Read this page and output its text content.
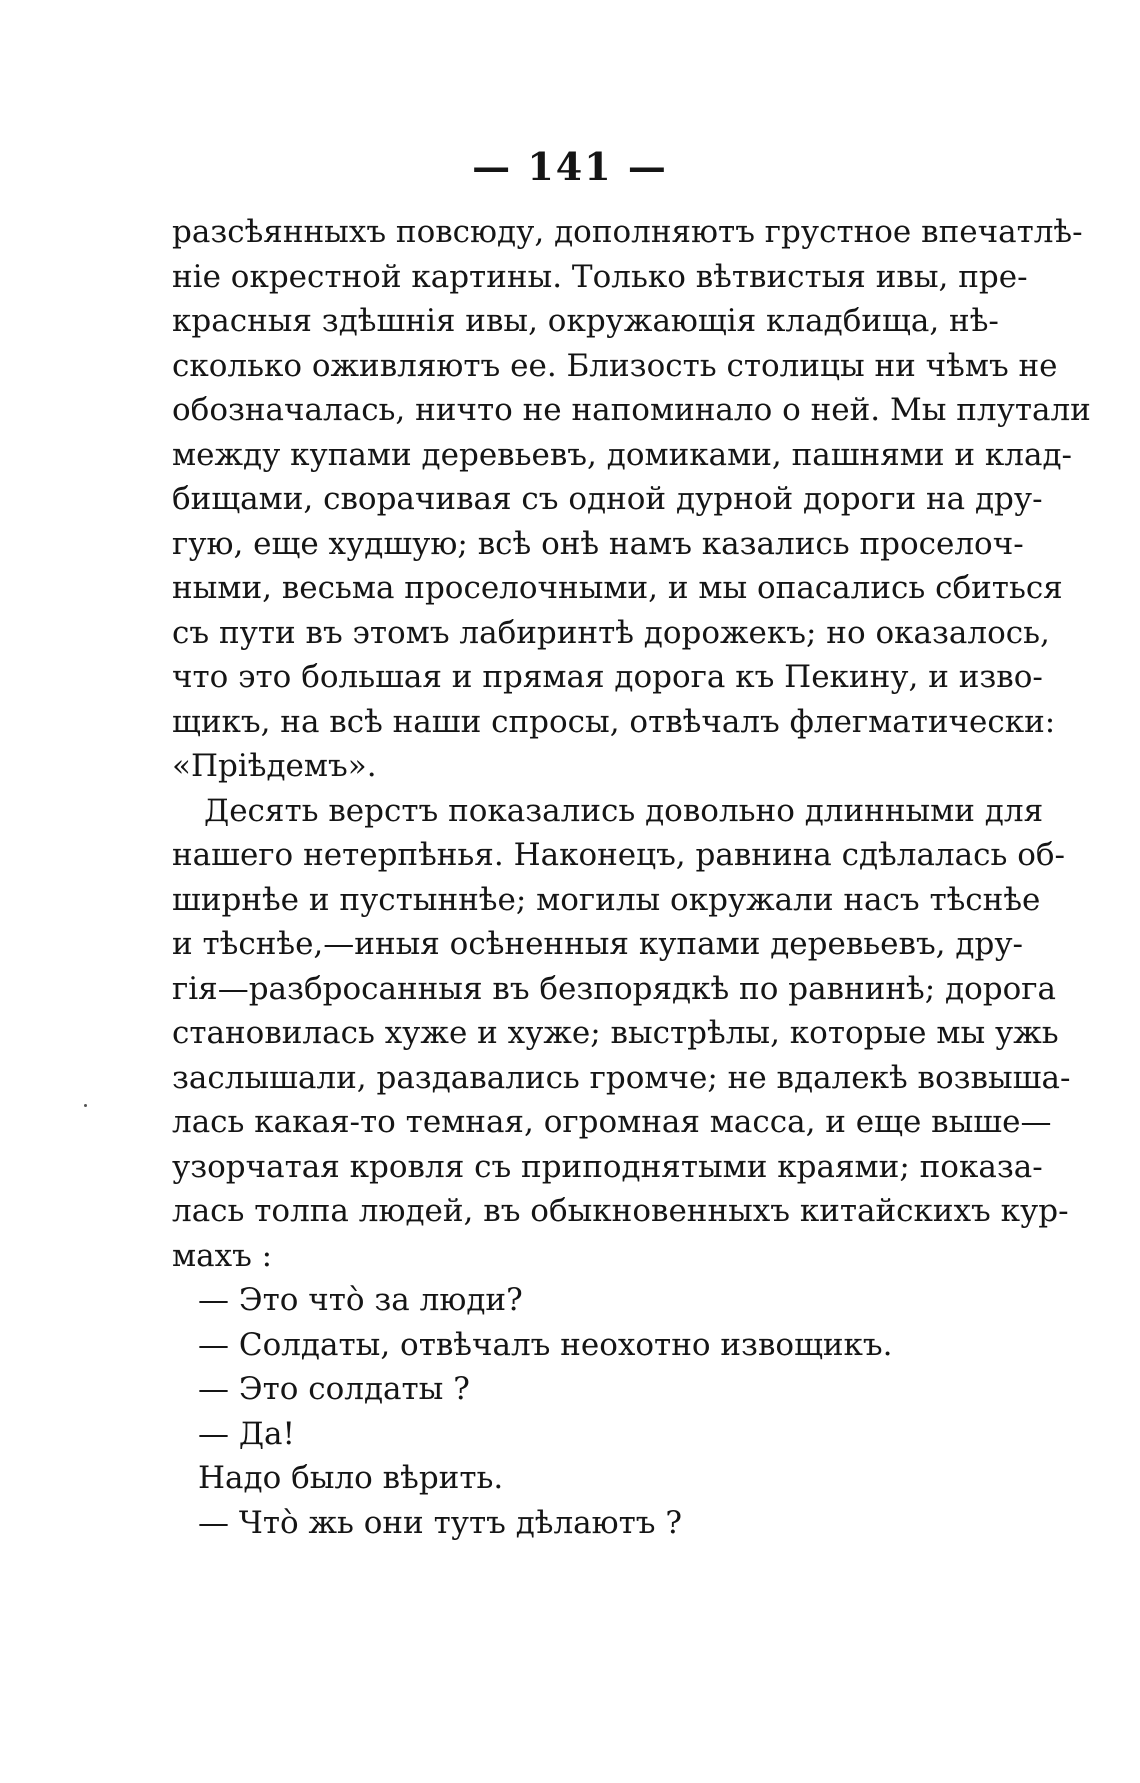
— 141 —
разсѣянныхъ повсюду, дополняютъ грустное впечатлѣ-
ніе окрестной картины. Только вѣтвистыя ивы, пре-
красныя здѣшнія ивы, окружающія кладбища, нѣ-
сколько оживляютъ ее. Близость столицы ни чѣмъ не
обозначалась, ничто не напоминало о ней. Мы плутали
между купами деревьевъ, домиками, пашнями и клад-
бищами, сворачивая съ одной дурной дороги на дру-
гую, еще худшую; всѣ онѣ намъ казались проселоч-
ными, весьма проселочными, и мы опасались сбиться
съ пути въ этомъ лабиринтѣ дорожекъ; но оказалось,
что это большая и прямая дорога къ Пекину, и изво-
щикъ, на всѣ наши спросы, отвѣчалъ флегматически:
«Пріѣдемъ».
Десять верстъ показались довольно длинными для
нашего нетерпѣнья. Наконецъ, равнина сдѣлалась об-
ширнѣе и пустыннѣе; могилы окружали насъ тѣснѣе
и тѣснѣе,—иныя осѣненныя купами деревьевъ, дру-
гія—разбросанныя въ безпорядкѣ по равнинѣ; дорога
становилась хуже и хуже; выстрѣлы, которые мы ужь
заслышали, раздавались громче; не вдалекѣ возвыша-
лась какая-то темная, огромная масса, и еще выше—
узорчатая кровля съ приподнятыми краями; показа-
лась толпа людей, въ обыкновенныхъ китайскихъ кур-
махъ :
— Это что̀ за люди?
— Солдаты, отвѣчалъ неохотно извощикъ.
— Это солдаты ?
— Да!
Надо было вѣрить.
— Что̀ жь они тутъ дѣлаютъ ?
